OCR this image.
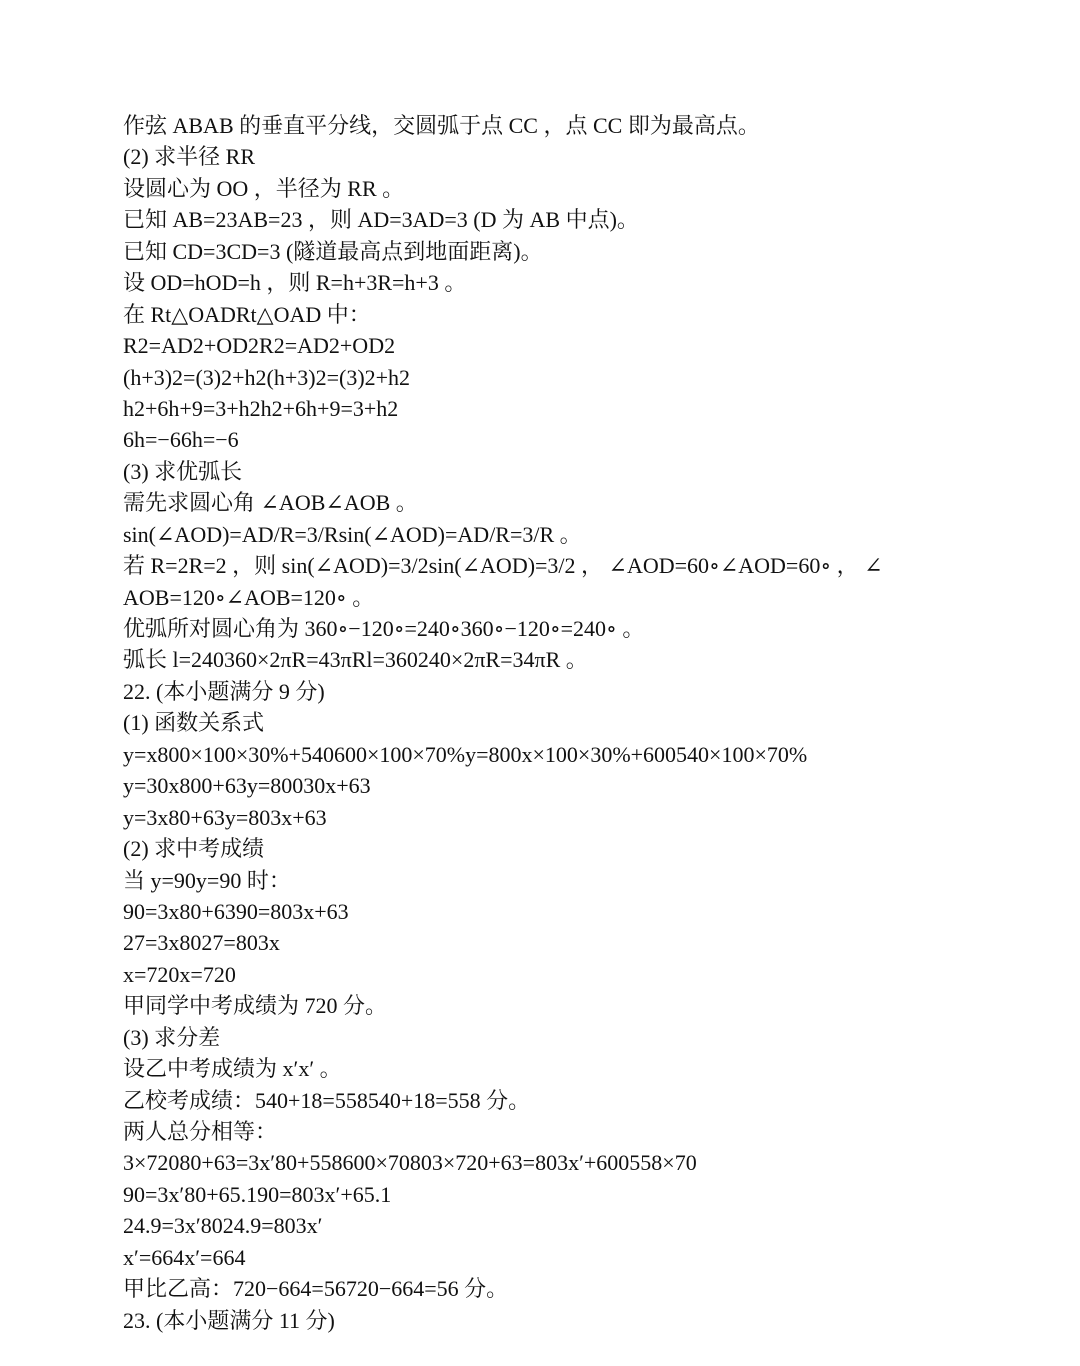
作弦 ABAB 的垂直平分线，交圆弧于点 CC ，点 CC 即为最高点。
(2) 求半径 RR
设圆心为 OO ，半径为 RR 。
已知 AB=23AB=23 ，则 AD=3AD=3 (D 为 AB 中点)。
已知 CD=3CD=3 (隧道最高点到地面距离)。
设 OD=hOD=h ，则 R=h+3R=h+3 。
在 Rt△OADRt△OAD 中：
R2=AD2+OD2R2=AD2+OD2
(h+3)2=(3)2+h2(h+3)2=(3)2+h2
h2+6h+9=3+h2h2+6h+9=3+h2
6h=−66h=−6
(3) 求优弧长
需先求圆心角 ∠AOB∠AOB 。
sin⁡(∠AOD)=AD/R=3/Rsin(∠AOD)=AD/R=3/R 。
若 R=2R=2 ，则 sin⁡(∠AOD)=3/2sin(∠AOD)=3/2 ， ∠AOD=60∘∠AOD=60∘ ， ∠
AOB=120∘∠AOB=120∘ 。
优弧所对圆心角为 360∘−120∘=240∘360∘−120∘=240∘ 。
弧长 l=240360×2πR=43πRl=360240×2πR=34πR 。
22. (本小题满分 9 分)
(1) 函数关系式
y=x800×100×30%+540600×100×70%y=800x×100×30%+600540×100×70%
y=30x800+63y=80030x+63
y=3x80+63y=803x+63
(2) 求中考成绩
当 y=90y=90 时：
90=3x80+6390=803x+63
27=3x8027=803x
x=720x=720
甲同学中考成绩为 720 分。
(3) 求分差
设乙中考成绩为 x′x′ 。
乙校考成绩：540+18=558540+18=558 分。
两人总分相等：
3×72080+63=3x′80+558600×70803×720+63=803x′+600558×70
90=3x′80+65.190=803x′+65.1
24.9=3x′8024.9=803x′
x′=664x′=664
甲比乙高：720−664=56720−664=56 分。
23. (本小题满分 11 分)
